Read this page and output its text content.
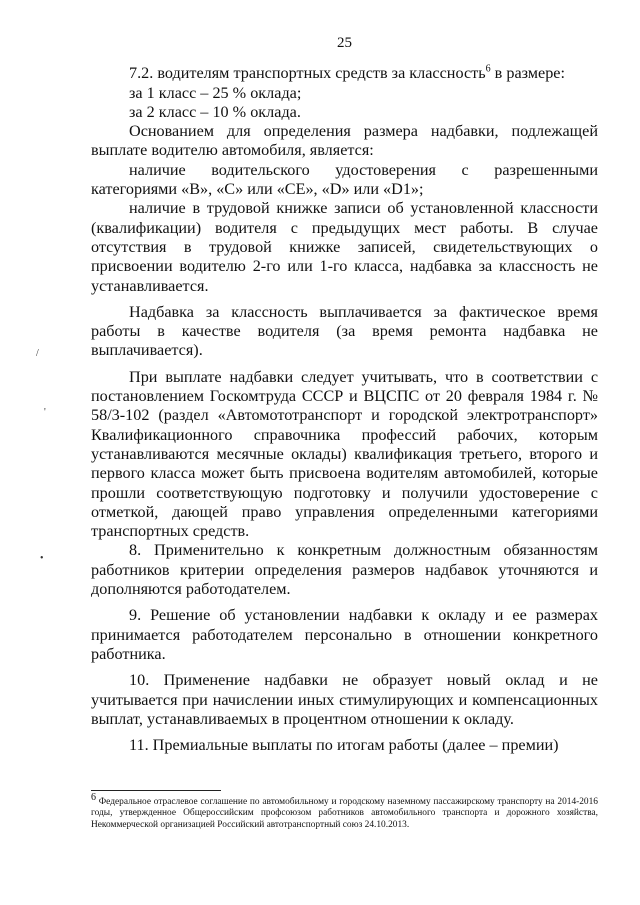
25

7.2. водителям транспортных средств за классность$^6$ в размере:

за 1 класс – 25 % оклада;

за 2 класс – 10 % оклада.

Основанием для определения размера надбавки, подлежащей выплате водителю автомобиля, является:

наличие водительского удостоверения с разрешенными категориями «B», «C» или «CE», «D» или «D1»;

наличие в трудовой книжке записи об установленной классности (квалификации) водителя с предыдущих мест работы. В случае отсутствия в трудовой книжке записей, свидетельствующих о присвоении водителю 2-го или 1-го класса, надбавка за классность не устанавливается.

Надбавка за классность выплачивается за фактическое время работы в качестве водителя (за время ремонта надбавка не выплачивается).

При выплате надбавки следует учитывать, что в соответствии с постановлением Госкомтруда СССР и ВЦСПС от 20 февраля 1984 г. № 58/3-102 (раздел «Автомототранспорт и городской электротранспорт» Квалификационного справочника профессий рабочих, которым устанавливаются месячные оклады) квалификация третьего, второго и первого класса может быть присвоена водителям автомобилей, которые прошли соответствующую подготовку и получили удостоверение с отметкой, дающей право управления определенными категориями транспортных средств.

8. Применительно к конкретным должностным обязанностям работников критерии определения размеров надбавок уточняются и дополняются работодателем.

9. Решение об установлении надбавки к окладу и ее размерах принимается работодателем персонально в отношении конкретного работника.

10. Применение надбавки не образует новый оклад и не учитывается при начислении иных стимулирующих и компенсационных выплат, устанавливаемых в процентном отношении к окладу.

11. Премиальные выплаты по итогам работы (далее – премии)

$^6$ Федеральное отраслевое соглашение по автомобильному и городскому наземному пассажирскому транспорту на 2014-2016 годы, утвержденное Общероссийским профсоюзом работников автомобильного транспорта и дорожного хозяйства, Некоммерческой организацией Российский автотранспортный союз 24.10.2013.
/
'
•
